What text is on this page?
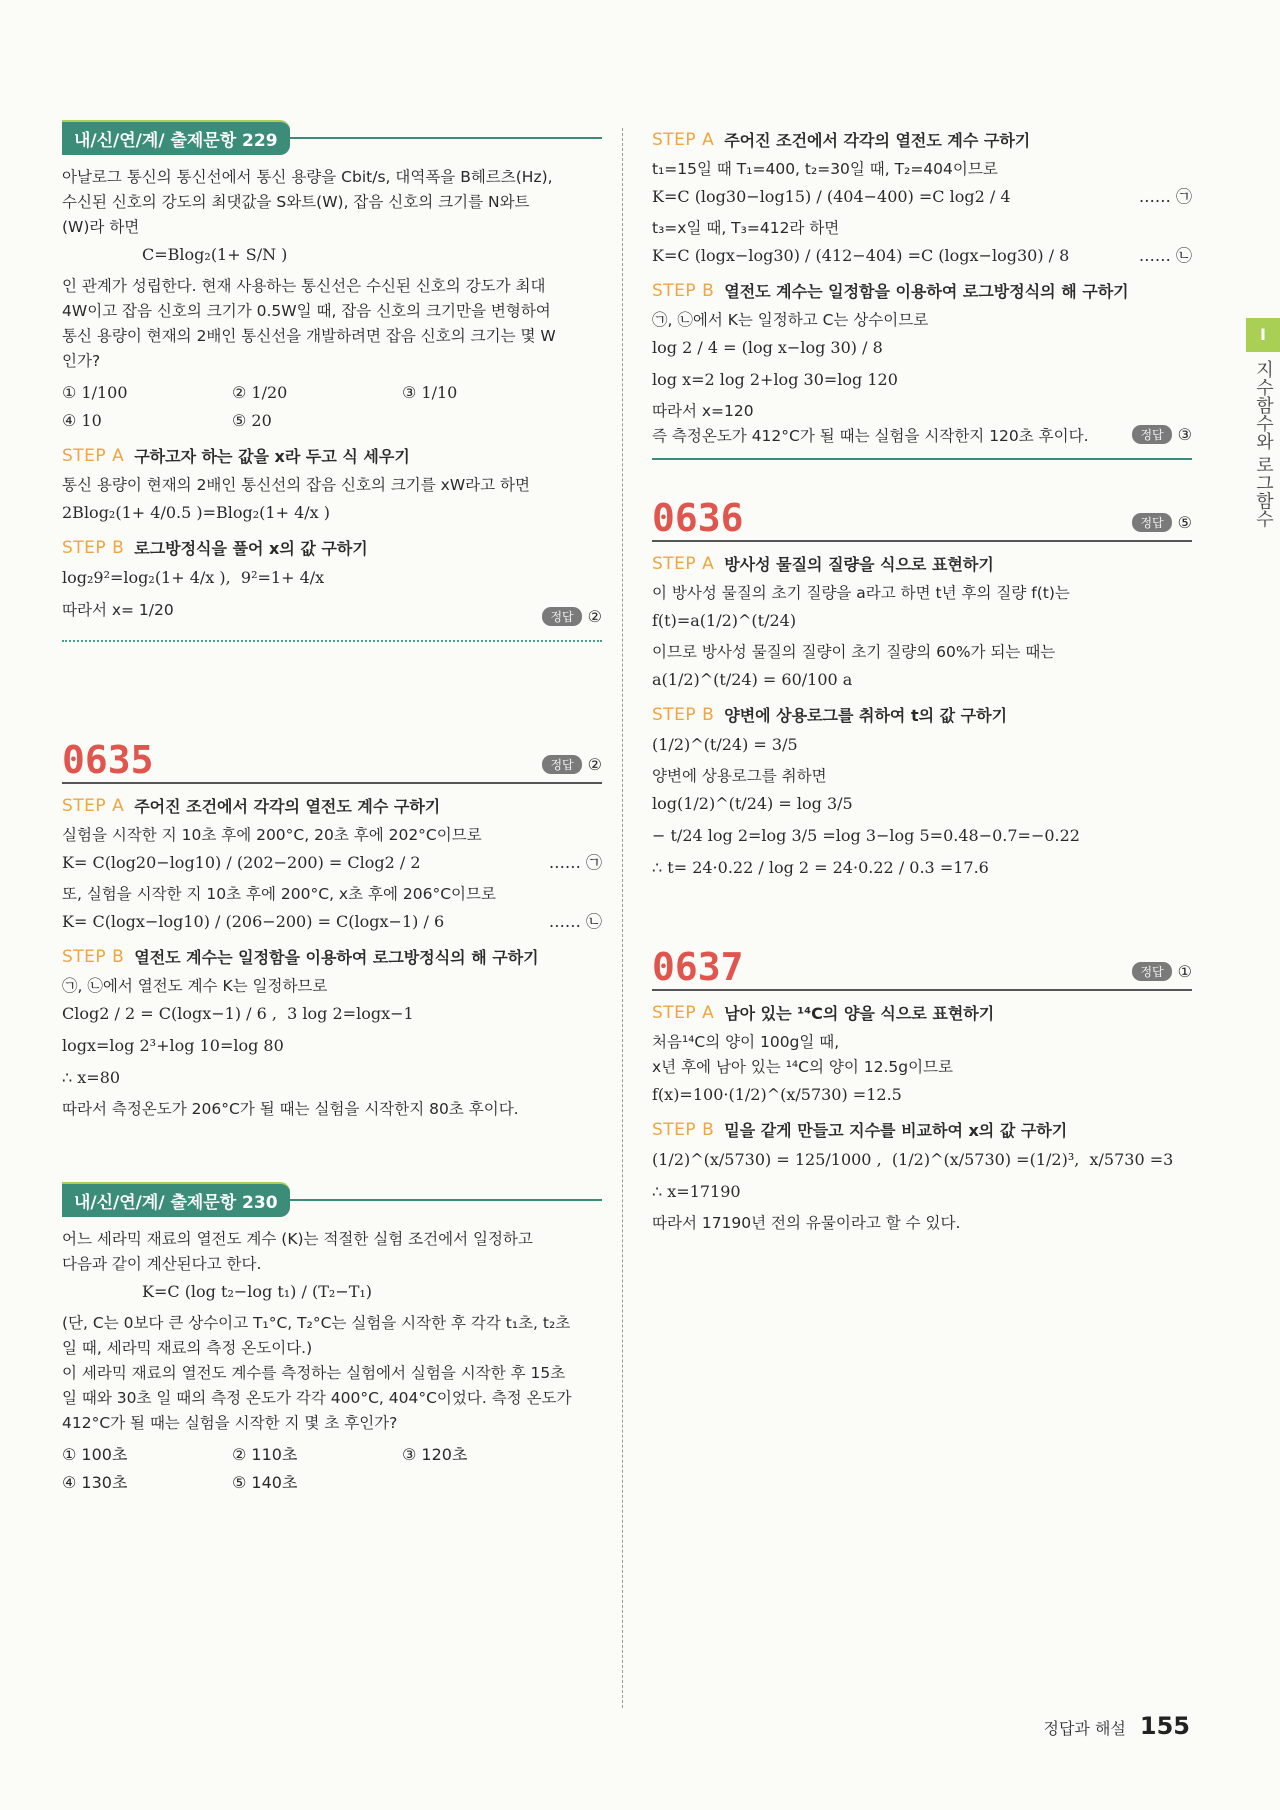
내/신/연/계/ 출제문항 229

아날로그 통신의 통신선에서 통신 용량을 Cbit/s, 대역폭을 B헤르츠(Hz),

수신된 신호의 강도의 최댓값을 S와트(W), 잡음 신호의 크기를 N와트

(W)라 하면

C=Blog₂(1+ S/N )

인 관계가 성립한다. 현재 사용하는 통신선은 수신된 신호의 강도가 최대

4W이고 잡음 신호의 크기가 0.5W일 때, 잡음 신호의 크기만을 변형하여

통신 용량이 현재의 2배인 통신선을 개발하려면 잡음 신호의 크기는 몇 W

인가?

① 1/100	② 1/20	③ 1/10
④ 10	⑤ 20
STEP A 구하고자 하는 값을 x라 두고 식 세우기

통신 용량이 현재의 2배인 통신선의 잡음 신호의 크기를 xW라고 하면

2Blog₂(1+ 4/0.5 )=Blog₂(1+ 4/x )

STEP B 로그방정식을 풀어 x의 값 구하기

log₂9²=log₂(1+ 4/x ),  9²=1+ 4/x

따라서 x= 1/20	정답 ②
0635	정답 ②
STEP A 주어진 조건에서 각각의 열전도 계수 구하기

실험을 시작한 지 10초 후에 200°C, 20초 후에 202°C이므로

K= C(log20−log10) / (202−200) = Clog2 / 2	…… ㉠

또, 실험을 시작한 지 10초 후에 200°C, x초 후에 206°C이므로

K= C(logx−log10) / (206−200) = C(logx−1) / 6	…… ㉡

STEP B 열전도 계수는 일정함을 이용하여 로그방정식의 해 구하기

㉠, ㉡에서 열전도 계수 K는 일정하므로

Clog2 / 2 = C(logx−1) / 6 ,  3 log 2=logx−1

logx=log 2³+log 10=log 80

∴ x=80

따라서 측정온도가 206°C가 될 때는 실험을 시작한지 80초 후이다.

내/신/연/계/ 출제문항 230

어느 세라믹 재료의 열전도 계수 (K)는 적절한 실험 조건에서 일정하고

다음과 같이 계산된다고 한다.

K=C (log t₂−log t₁) / (T₂−T₁)

(단, C는 0보다 큰 상수이고 T₁°C, T₂°C는 실험을 시작한 후 각각 t₁초, t₂초

일 때, 세라믹 재료의 측정 온도이다.)

이 세라믹 재료의 열전도 계수를 측정하는 실험에서 실험을 시작한 후 15초

일 때와 30초 일 때의 측정 온도가 각각 400°C, 404°C이었다. 측정 온도가

412°C가 될 때는 실험을 시작한 지 몇 초 후인가?

① 100초	② 110초	③ 120초
④ 130초	⑤ 140초
STEP A 주어진 조건에서 각각의 열전도 계수 구하기

t₁=15일 때 T₁=400, t₂=30일 때, T₂=404이므로

K=C (log30−log15) / (404−400) =C log2 / 4	…… ㉠

t₃=x일 때, T₃=412라 하면

K=C (logx−log30) / (412−404) =C (logx−log30) / 8	…… ㉡

STEP B 열전도 계수는 일정함을 이용하여 로그방정식의 해 구하기

㉠, ㉡에서 K는 일정하고 C는 상수이므로

log 2 / 4 = (log x−log 30) / 8

log x=2 log 2+log 30=log 120

따라서 x=120

즉 측정온도가 412°C가 될 때는 실험을 시작한지 120초 후이다.	정답 ③
0636	정답 ⑤
STEP A 방사성 물질의 질량을 식으로 표현하기

이 방사성 물질의 초기 질량을 a라고 하면 t년 후의 질량 f(t)는

f(t)=a(1/2)^(t/24)

이므로 방사성 물질의 질량이 초기 질량의 60%가 되는 때는

a(1/2)^(t/24) = 60/100 a

STEP B 양변에 상용로그를 취하여 t의 값 구하기

(1/2)^(t/24) = 3/5

양변에 상용로그를 취하면

log(1/2)^(t/24) = log 3/5

− t/24 log 2=log 3/5 =log 3−log 5=0.48−0.7=−0.22

∴ t= 24·0.22 / log 2 = 24·0.22 / 0.3 =17.6

0637	정답 ①
STEP A 남아 있는 ¹⁴C의 양을 식으로 표현하기

처음¹⁴C의 양이 100g일 때,

x년 후에 남아 있는 ¹⁴C의 양이 12.5g이므로

f(x)=100·(1/2)^(x/5730) =12.5

STEP B 밑을 같게 만들고 지수를 비교하여 x의 값 구하기

(1/2)^(x/5730) = 125/1000 ,  (1/2)^(x/5730) =(1/2)³,  x/5730 =3

∴ x=17190

따라서 17190년 전의 유물이라고 할 수 있다.

I
지수함수와 로그함수
정답과 해설 155
